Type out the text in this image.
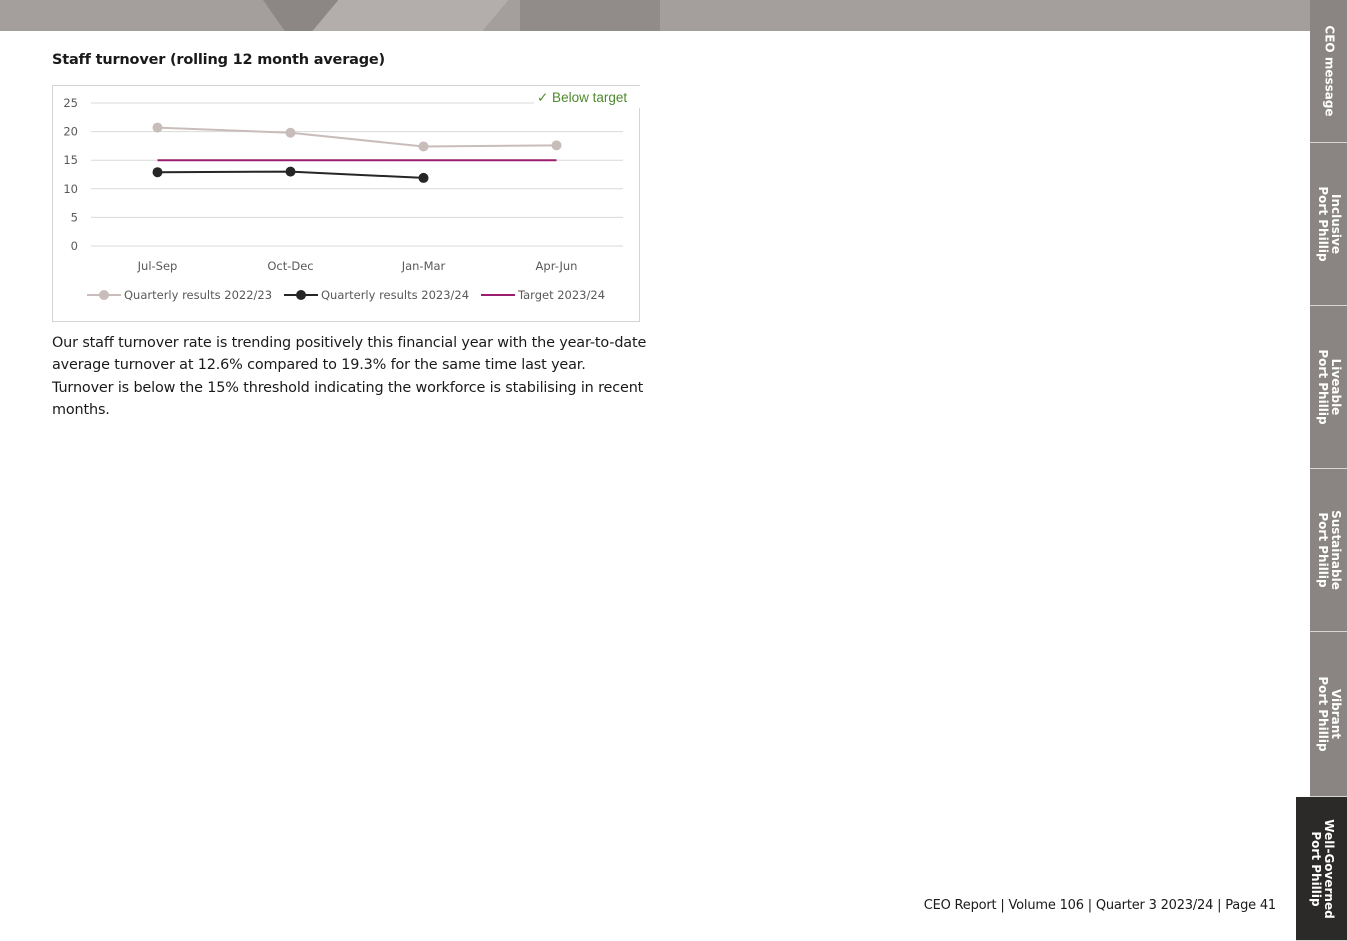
Staff turnover (rolling 12 month average)
0
5
10
15
20
25
Jul-Sep	Oct-Dec	Jan-Mar	Apr-Jun
✓ Below target
Quarterly results 2022/23	Quarterly results 2023/24	Target 2023/24

Our staff turnover rate is trending positively this financial year with the year-to-date average turnover at 12.6% compared to 19.3% for the same time last year. Turnover is below the 15% threshold indicating the workforce is stabilising in recent months.

CEO Report | Volume 106 | Quarter 3 2023/24 | Page 41
CEO message
Inclusive
Port Phillip
Liveable
Port Phillip
Sustainable
Port Phillip
Vibrant
Port Phillip
Well-Governed
Port Phillip
